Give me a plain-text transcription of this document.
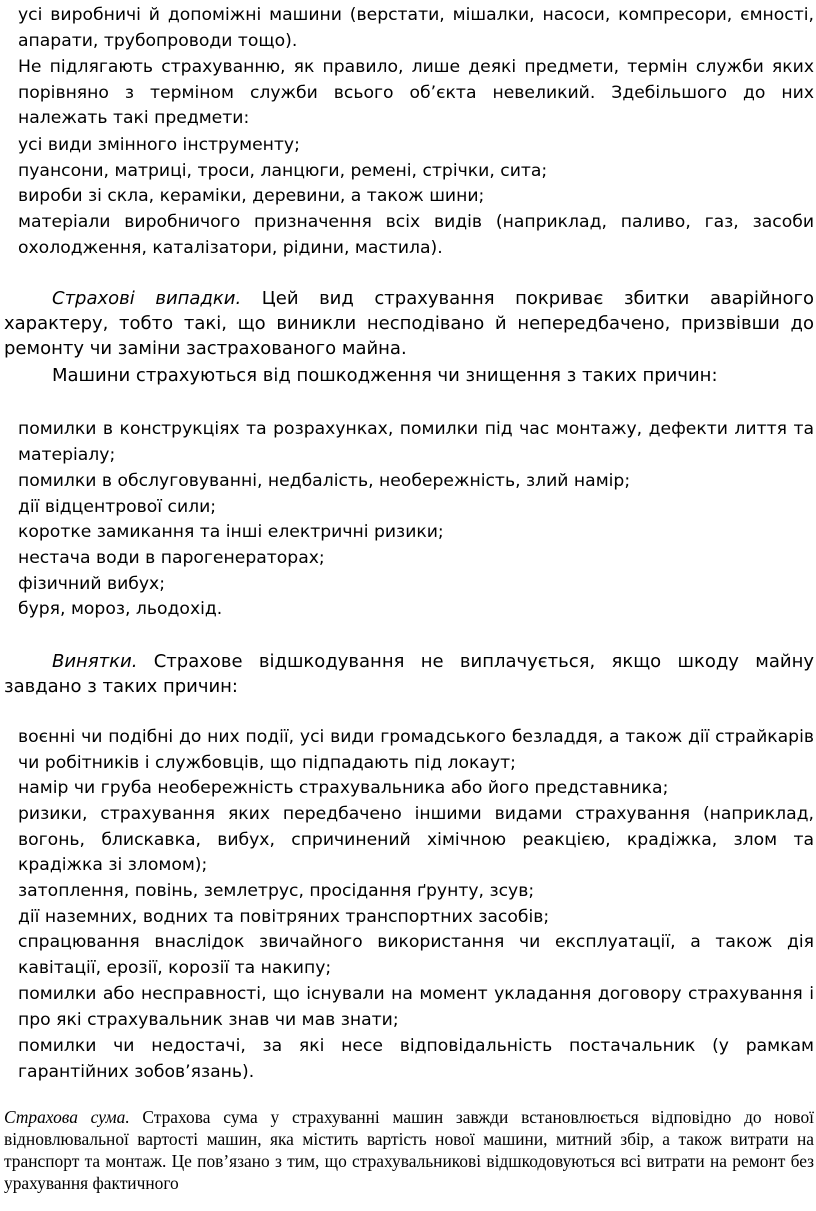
усі виробничі й допоміжні машини (верстати, мішалки, насоси, компресори, ємності, апарати, трубопроводи тощо).

Не підлягають страхуванню, як правило, лише деякі предмети, термін служби яких порівняно з терміном служби всього об’єкта невеликий. Здебільшого до них належать такі предмети:

усі види змінного інструменту;

пуансони, матриці, троси, ланцюги, ремені, стрічки, сита;

вироби зі скла, кераміки, деревини, а також шини;

матеріали виробничого призначення всіх видів (наприклад, паливо, газ, засоби охолодження, каталізатори, рідини, мастила).

Страхові випадки. Цей вид страхування покриває збитки аварійного характеру, тобто такі, що виникли несподівано й непередбачено, призвівши до ремонту чи заміни застрахованого майна.

Машини страхуються від пошкодження чи знищення з таких причин:

помилки в конструкціях та розрахунках, помилки під час монтажу, дефекти лиття та матеріалу;

помилки в обслуговуванні, недбалість, необережність, злий намір;

дії відцентрової сили;

коротке замикання та інші електричні ризики;

нестача води в парогенераторах;

фізичний вибух;

буря, мороз, льодохід.

Винятки. Страхове відшкодування не виплачується, якщо шкоду майну завдано з таких причин:

воєнні чи подібні до них події, усі види громадського безладдя, а також дії страйкарів чи робітників і службовців, що підпадають під локаут;

намір чи груба необережність страхувальника або його представника;

ризики, страхування яких передбачено іншими видами страхування (наприклад, вогонь, блискавка, вибух, спричинений хімічною реакцією, крадіжка, злом та крадіжка зі зломом);

затоплення, повінь, землетрус, просідання ґрунту, зсув;

дії наземних, водних та повітряних транспортних засобів;

спрацювання внаслідок звичайного використання чи експлуатації, а також дія кавітації, ерозії, корозії та накипу;

помилки або несправності, що існували на момент укладання договору страхування і про які страхувальник знав чи мав знати;

помилки чи недостачі, за які несе відповідальність постачальник (у рамкам гарантійних зобов’язань).

Страхова сума. Страхова сума у страхуванні машин завжди встановлюється відповідно до нової відновлювальної вартості машин, яка містить вартість нової машини, митний збір, а також витрати на транспорт та монтаж. Це пов’язано з тим, що страхувальникові відшкодовуються всі витрати на ремонт без урахування фактичного
